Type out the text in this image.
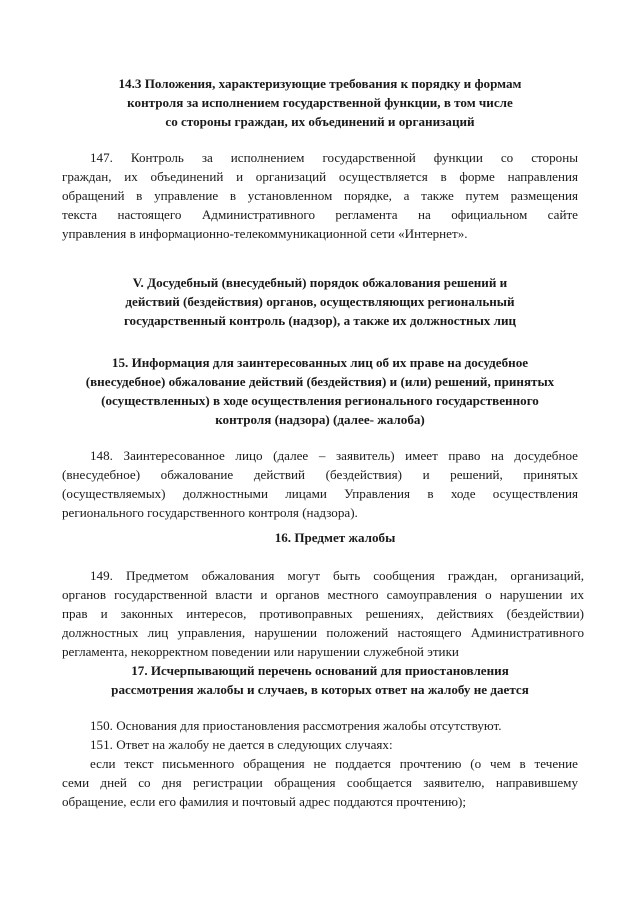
14.3 Положения, характеризующие требования к порядку и формам
контроля за исполнением государственной функции, в том числе
со стороны граждан, их объединений и организаций
147. Контроль за исполнением государственной функции со стороны
граждан, их объединений и организаций осуществляется в форме направления
обращений в управление в установленном порядке, а также путем размещения
текста настоящего Административного регламента на официальном сайте
управления в информационно-телекоммуникационной сети «Интернет».
V. Досудебный (внесудебный) порядок обжалования решений и
действий (бездействия) органов, осуществляющих региональный
государственный контроль (надзор), а также их должностных лиц
15. Информация для заинтересованных лиц об их праве на досудебное
(внесудебное) обжалование действий (бездействия) и (или) решений, принятых
(осуществленных) в ходе осуществления регионального государственного
контроля (надзора) (далее- жалоба)
148. Заинтересованное лицо (далее – заявитель) имеет право на досудебное
(внесудебное) обжалование действий (бездействия) и решений, принятых
(осуществляемых) должностными лицами Управления в ходе осуществления
регионального государственного контроля (надзора).
16. Предмет жалобы
149. Предметом обжалования могут быть сообщения граждан, организаций,
органов государственной власти и органов местного самоуправления о нарушении их
прав и законных интересов, противоправных решениях, действиях (бездействии)
должностных лиц управления, нарушении положений настоящего Административного
регламента, некорректном поведении или нарушении служебной этики
17. Исчерпывающий перечень оснований для приостановления
рассмотрения жалобы и случаев, в которых ответ на жалобу не дается
150. Основания для приостановления рассмотрения жалобы отсутствуют.
151. Ответ на жалобу не дается в следующих случаях:
если текст письменного обращения не поддается прочтению (о чем в течение
семи дней со дня регистрации обращения сообщается заявителю, направившему
обращение, если его фамилия и почтовый адрес поддаются прочтению);
